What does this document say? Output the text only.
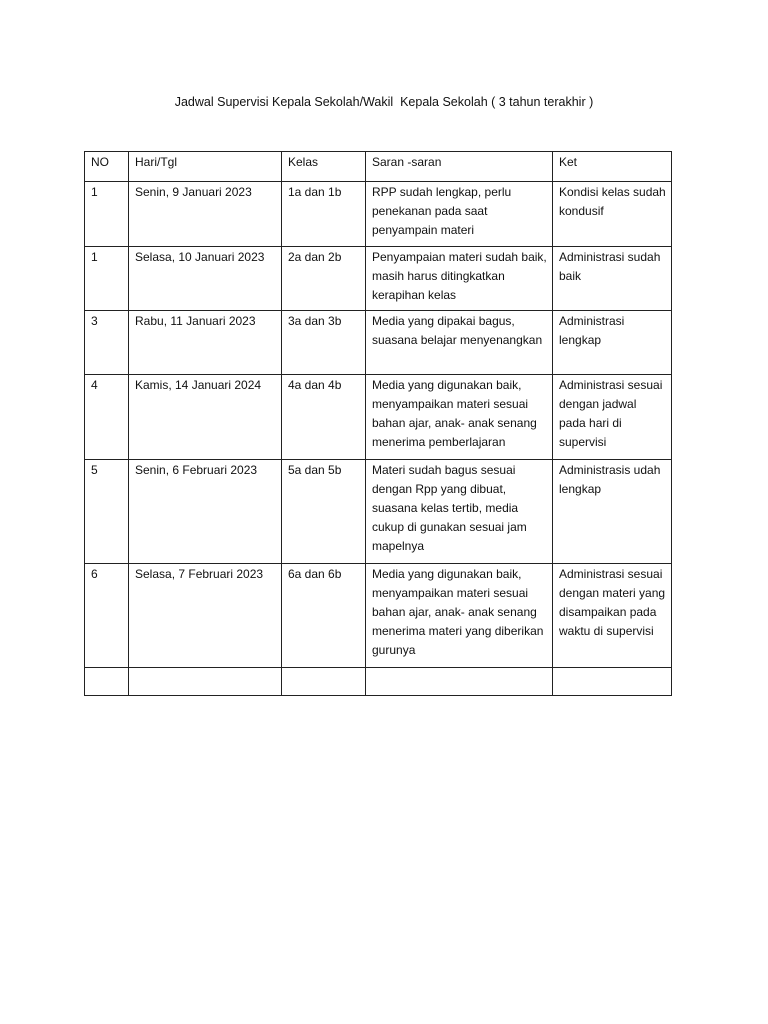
Jadwal Supervisi Kepala Sekolah/Wakil  Kepala Sekolah ( 3 tahun terakhir )
NO	Hari/Tgl	Kelas	Saran -saran	Ket
1	Senin, 9 Januari 2023	1a dan 1b	RPP sudah lengkap, perlu penekanan pada saat penyampain materi	Kondisi kelas sudah kondusif
1	Selasa, 10 Januari 2023	2a dan 2b	Penyampaian materi sudah baik, masih harus ditingkatkan kerapihan kelas	Administrasi sudah baik
3	Rabu, 11 Januari 2023	3a dan 3b	Media yang dipakai bagus, suasana belajar menyenangkan	Administrasi lengkap
4	Kamis, 14 Januari 2024	4a dan 4b	Media yang digunakan baik, menyampaikan materi sesuai bahan ajar, anak- anak senang menerima pemberlajaran	Administrasi sesuai dengan jadwal pada hari di supervisi
5	Senin, 6 Februari 2023	5a dan 5b	Materi sudah bagus sesuai dengan Rpp yang dibuat, suasana kelas tertib, media cukup di gunakan sesuai jam mapelnya	Administrasis udah lengkap
6	Selasa, 7 Februari 2023	6a dan 6b	Media yang digunakan baik, menyampaikan materi sesuai bahan ajar, anak- anak senang menerima materi yang diberikan gurunya	Administrasi sesuai dengan materi yang disampaikan pada waktu di supervisi
